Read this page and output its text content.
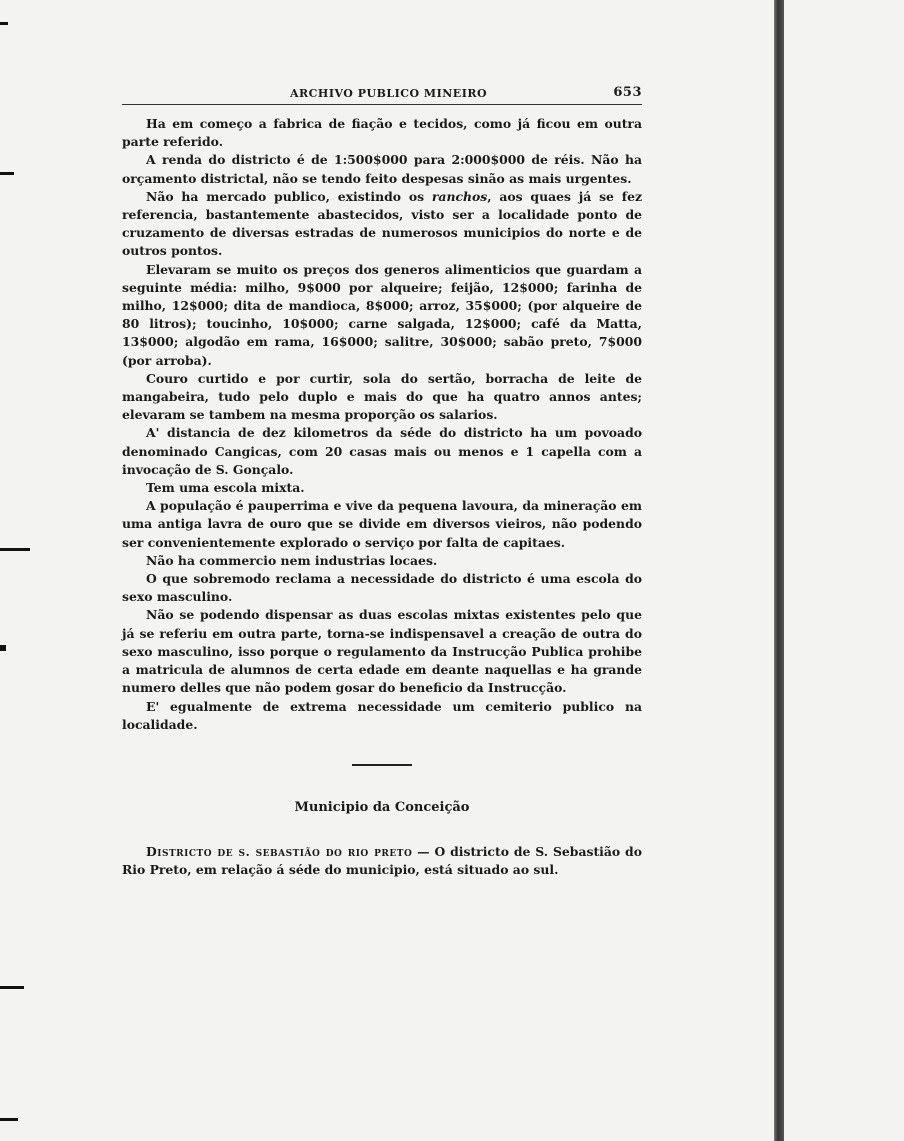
ARCHIVO PUBLICO MINEIRO	653

Ha em começo a fabrica de fiação e tecidos, como já ficou em outra parte referido.

A renda do districto é de 1:500$000 para 2:000$000 de réis. Não ha orçamento districtal, não se tendo feito despesas sinão as mais urgentes.

Não ha mercado publico, existindo os ranchos, aos quaes já se fez referencia, bastantemente abastecidos, visto ser a localidade ponto de cruzamento de diversas estradas de numerosos municipios do norte e de outros pontos.

Elevaram se muito os preços dos generos alimenticios que guardam a seguinte média: milho, 9$000 por alqueire; feijão, 12$000; farinha de milho, 12$000; dita de mandioca, 8$000; arroz, 35$000; (por alqueire de 80 litros); toucinho, 10$000; carne salgada, 12$000; café da Matta, 13$000; algodão em rama, 16$000; salitre, 30$000; sabão preto, 7$000 (por arroba).

Couro curtido e por curtir, sola do sertão, borracha de leite de mangabeira, tudo pelo duplo e mais do que ha quatro annos antes; elevaram se tambem na mesma proporção os salarios.

A' distancia de dez kilometros da séde do districto ha um povoado denominado Cangicas, com 20 casas mais ou menos e 1 capella com a invocação de S. Gonçalo.

Tem uma escola mixta.

A população é pauperrima e vive da pequena lavoura, da mineração em uma antiga lavra de ouro que se divide em diversos vieiros, não podendo ser convenientemente explorado o serviço por falta de capitaes.

Não ha commercio nem industrias locaes.

O que sobremodo reclama a necessidade do districto é uma escola do sexo masculino.

Não se podendo dispensar as duas escolas mixtas existentes pelo que já se referiu em outra parte, torna-se indispensavel a creação de outra do sexo masculino, isso porque o regulamento da Instrucção Publica prohibe a matricula de alumnos de certa edade em deante naquellas e ha grande numero delles que não podem gosar do beneficio da Instrucção.

E' egualmente de extrema necessidade um cemiterio publico na localidade.

Municipio da Conceição

Districto de s. sebastião do rio preto — O districto de S. Sebastião do Rio Preto, em relação á séde do municipio, está situado ao sul.
